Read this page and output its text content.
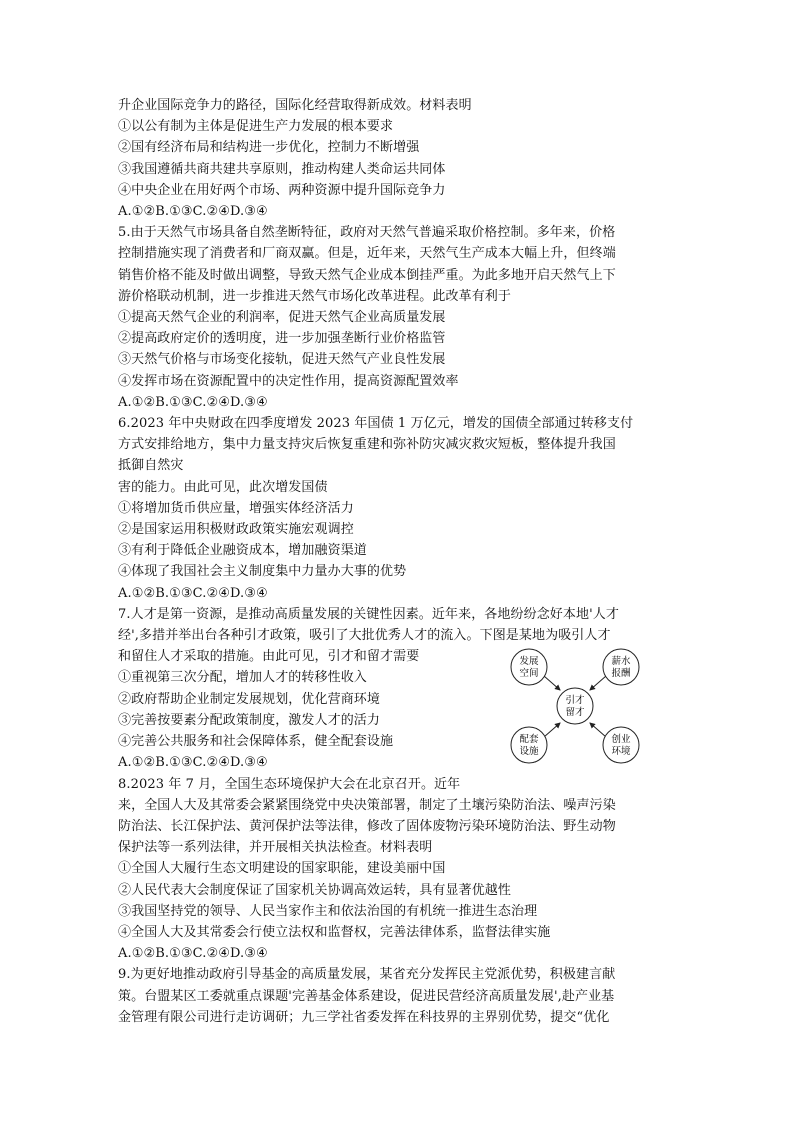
升企业国际竞争力的路径，国际化经营取得新成效。材料表明
①以公有制为主体是促进生产力发展的根本要求
②国有经济布局和结构进一步优化，控制力不断增强
③我国遵循共商共建共享原则，推动构建人类命运共同体
④中央企业在用好两个市场、两种资源中提升国际竞争力
A.①②B.①③C.②④D.③④
5.由于天然气市场具备自然垄断特征，政府对天然气普遍采取价格控制。多年来，价格
控制措施实现了消费者和厂商双赢。但是，近年来，天然气生产成本大幅上升，但终端
销售价格不能及时做出调整，导致天然气企业成本倒挂严重。为此多地开启天然气上下
游价格联动机制，进一步推进天然气市场化改革进程。此改革有利于
①提高天然气企业的利润率，促进天然气企业高质量发展
②提高政府定价的透明度，进一步加强垄断行业价格监管
③天然气价格与市场变化接轨，促进天然气产业良性发展
④发挥市场在资源配置中的决定性作用，提高资源配置效率
A.①②B.①③C.②④D.③④
6.2023 年中央财政在四季度增发 2023 年国债 1 万亿元，增发的国债全部通过转移支付
方式安排给地方，集中力量支持灾后恢复重建和弥补防灾减灾救灾短板，整体提升我国
抵御自然灾
害的能力。由此可见，此次增发国债
①将增加货币供应量，增强实体经济活力
②是国家运用积极财政政策实施宏观调控
③有利于降低企业融资成本，增加融资渠道
④体现了我国社会主义制度集中力量办大事的优势
A.①②B.①③C.②④D.③④
7.人才是第一资源，是推动高质量发展的关键性因素。近年来，各地纷纷念好本地'人才
经',多措并举出台各种引才政策，吸引了大批优秀人才的流入。下图是某地为吸引人才
和留住人才采取的措施。由此可见，引才和留才需要
①重视第三次分配，增加人才的转移性收入
②政府帮助企业制定发展规划，优化营商环境
③完善按要素分配政策制度，激发人才的活力
④完善公共服务和社会保障体系，健全配套设施
A.①②B.①③C.②④D.③④
8.2023 年 7 月，全国生态环境保护大会在北京召开。近年
来，全国人大及其常委会紧紧围绕党中央决策部署，制定了土壤污染防治法、噪声污染
防治法、长江保护法、黄河保护法等法律，修改了固体废物污染环境防治法、野生动物
保护法等一系列法律，并开展相关执法检查。材料表明
①全国人大履行生态文明建设的国家职能，建设美丽中国
②人民代表大会制度保证了国家机关协调高效运转，具有显著优越性
③我国坚持党的领导、人民当家作主和依法治国的有机统一推进生态治理
④全国人大及其常委会行使立法权和监督权，完善法律体系，监督法律实施
A.①②B.①③C.②④D.③④
9.为更好地推动政府引导基金的高质量发展，某省充分发挥民主党派优势，积极建言献
策。台盟某区工委就重点课题'完善基金体系建设，促进民营经济高质量发展',赴产业基
金管理有限公司进行走访调研；九三学社省委发挥在科技界的主界别优势，提交“优化
引才
留才
发展
空间
薪水
报酬
配套
设施
创业
环境
